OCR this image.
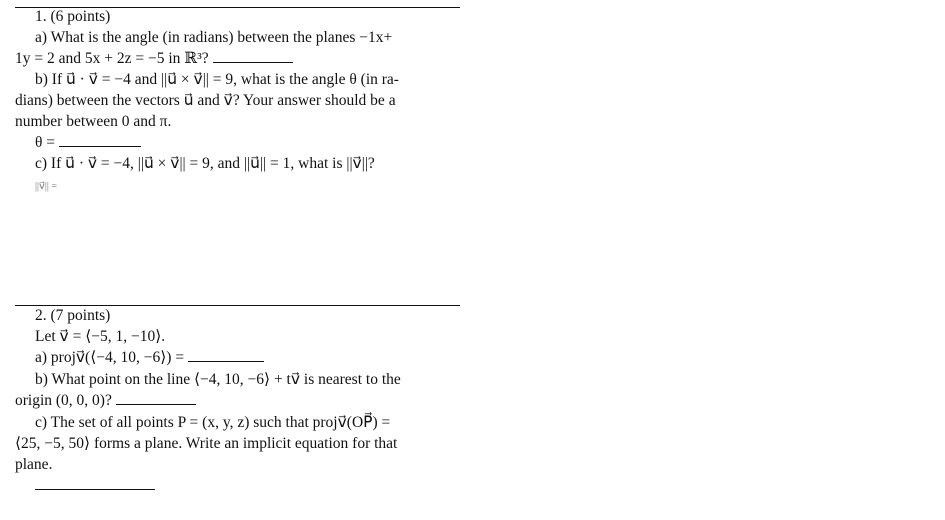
1. (6 points)
a) What is the angle (in radians) between the planes −1x+
1y = 2 and 5x + 2z = −5 in ℝ³?
b) If u⃗ · v⃗ = −4 and ||u⃗ × v⃗|| = 9, what is the angle θ (in ra-
dians) between the vectors u⃗ and v⃗? Your answer should be a
number between 0 and π.
θ =
c) If u⃗ · v⃗ = −4, ||u⃗ × v⃗|| = 9, and ||u⃗|| = 1, what is ||v⃗||?
||v⃗|| =
2. (7 points)
Let v⃗ = ⟨−5, 1, −10⟩.
a) projv⃗(⟨−4, 10, −6⟩) =
b) What point on the line ⟨−4, 10, −6⟩ + tv⃗ is nearest to the
origin (0, 0, 0)?
c) The set of all points P = (x, y, z) such that projv⃗(OP⃗) =
⟨25, −5, 50⟩ forms a plane. Write an implicit equation for that
plane.
